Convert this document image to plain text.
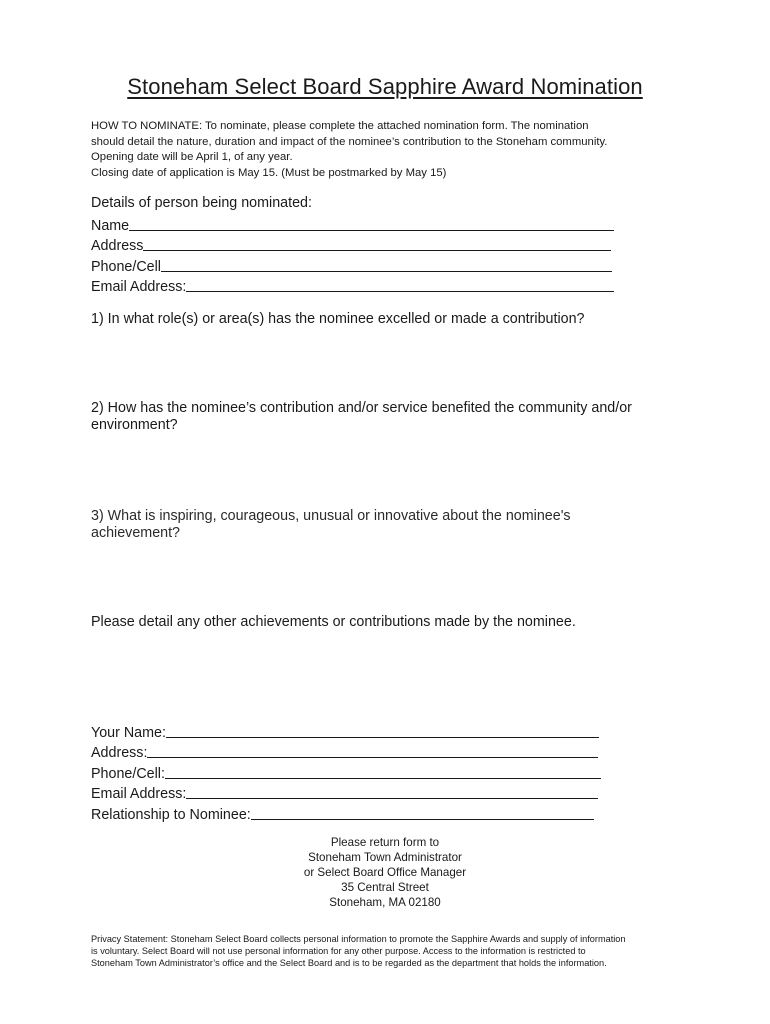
Stoneham Select Board Sapphire Award Nomination
HOW TO NOMINATE: To nominate, please complete the attached nomination form. The nomination
should detail the nature, duration and impact of the nominee’s contribution to the Stoneham community.
Opening date will be April 1, of any year.
Closing date of application is May 15. (Must be postmarked by May 15)
Details of person being nominated:
Name
Address
Phone/Cell
Email Address:
1) In what role(s) or area(s) has the nominee excelled or made a contribution?
2) How has the nominee’s contribution and/or service benefited the community and/or
environment?
3) What is inspiring, courageous, unusual or innovative about the nominee's
achievement?
Please detail any other achievements or contributions made by the nominee.
Your Name:
Address:
Phone/Cell:
Email Address:
Relationship to Nominee:
Please return form to
Stoneham Town Administrator
or Select Board Office Manager
35 Central Street
Stoneham, MA 02180
Privacy Statement: Stoneham Select Board collects personal information to promote the Sapphire Awards and supply of information
is voluntary. Select Board will not use personal information for any other purpose. Access to the information is restricted to
Stoneham Town Administrator’s office and the Select Board and is to be regarded as the department that holds the information.
